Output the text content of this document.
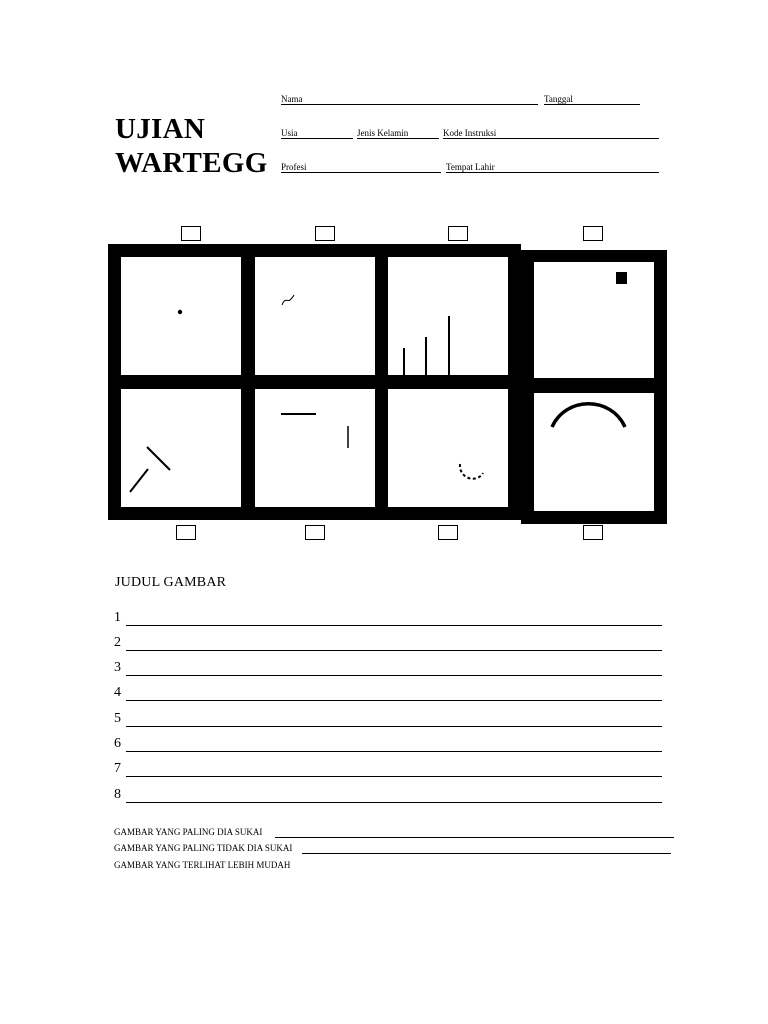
UJIAN
WARTEGG
Nama	Tanggal
Usia	Jenis Kelamin	Kode Instruksi
Profesi	Tempat Lahir
JUDUL GAMBAR
1
2
3
4
5
6
7
8
GAMBAR YANG PALING DIA SUKAI
GAMBAR YANG PALING TIDAK DIA SUKAI
GAMBAR YANG TERLIHAT LEBIH MUDAH
